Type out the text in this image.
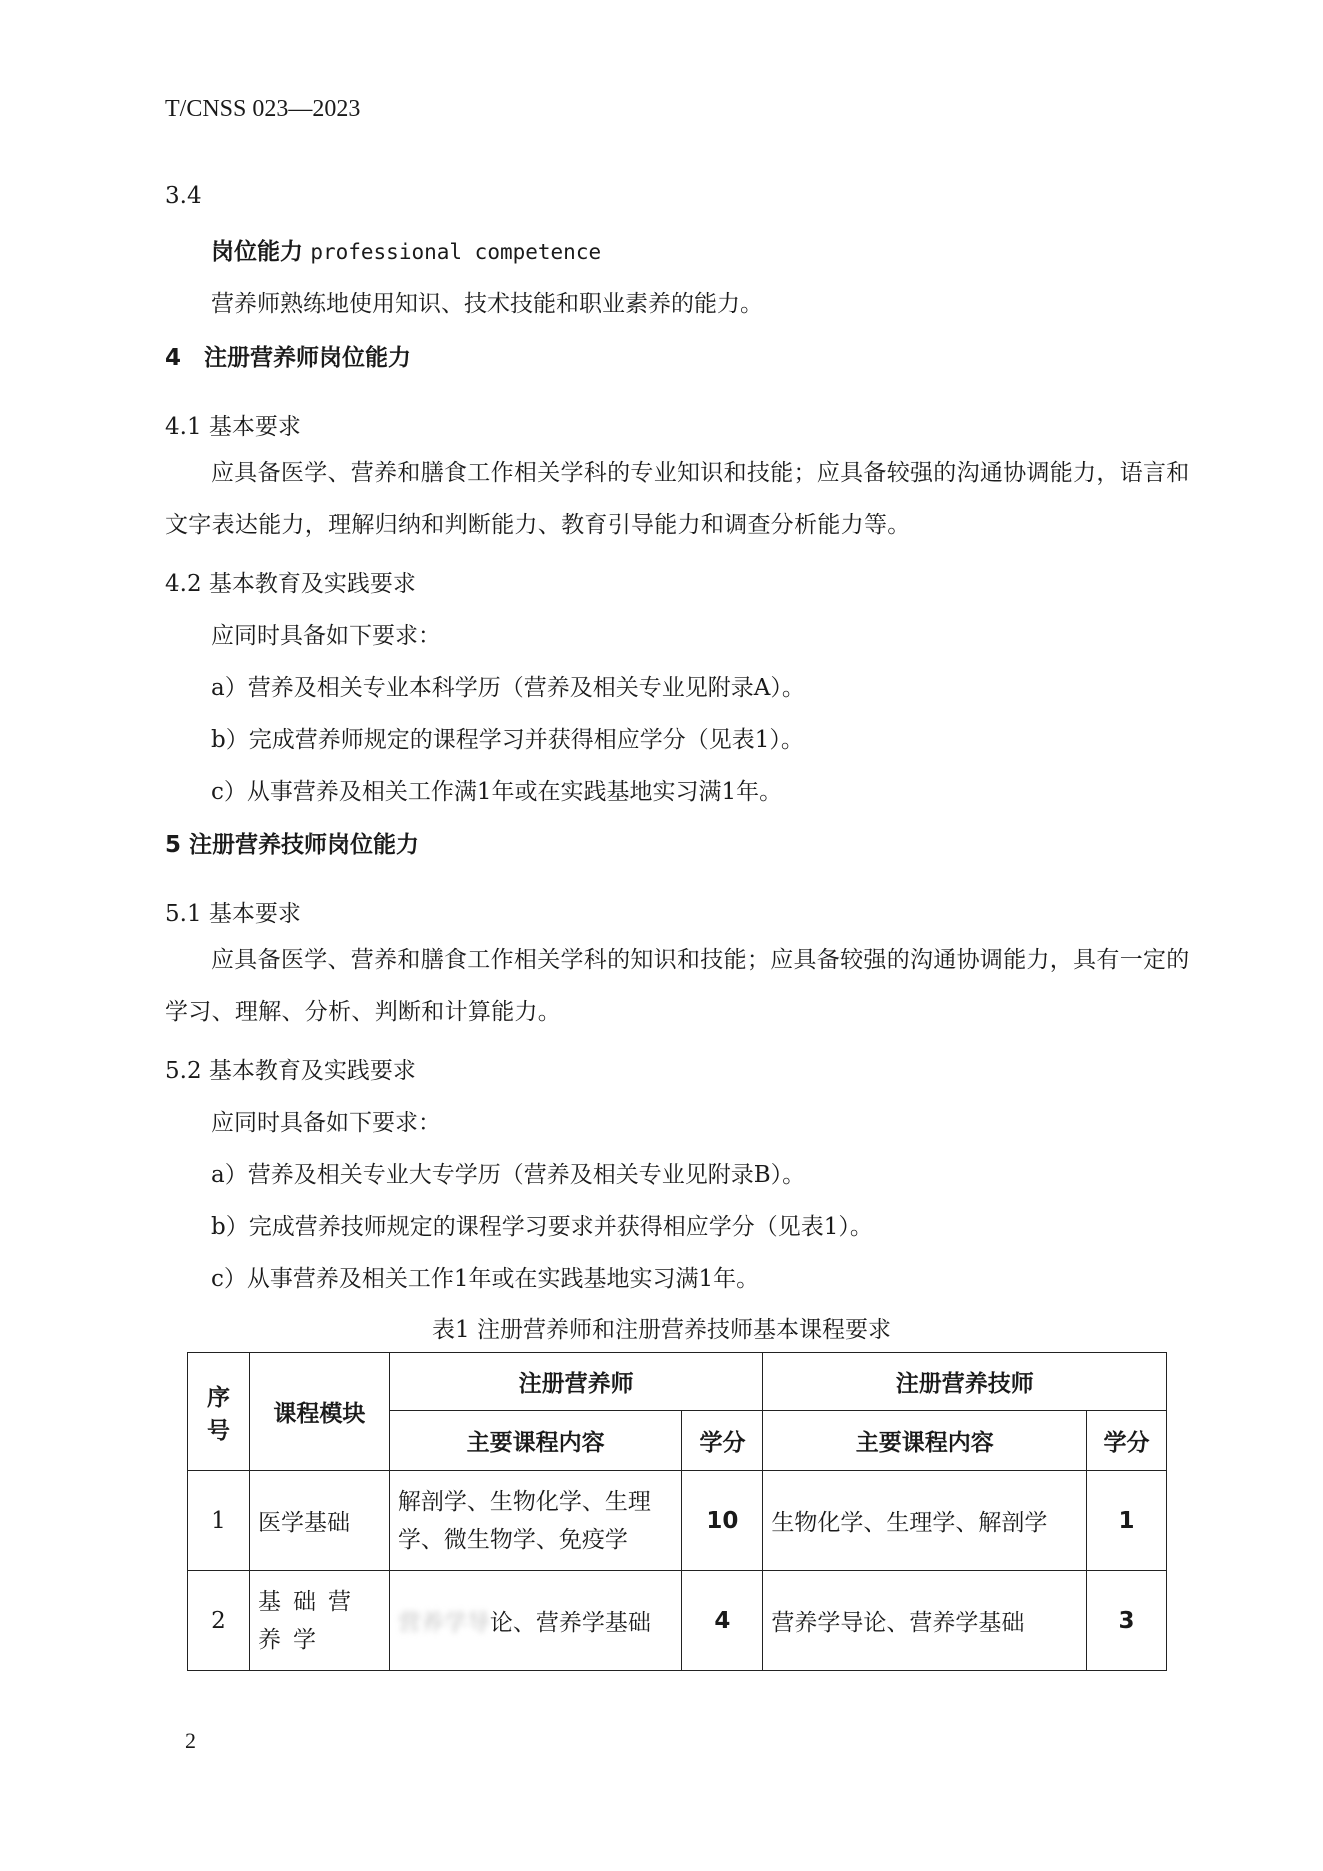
T/CNSS 023—2023
3.4
岗位能力 professional competence
营养师熟练地使用知识、技术技能和职业素养的能力。
4　注册营养师岗位能力
4.1 基本要求
应具备医学、营养和膳食工作相关学科的专业知识和技能；应具备较强的沟通协调能力，语言和文字表达能力，理解归纳和判断能力、教育引导能力和调查分析能力等。
4.2 基本教育及实践要求
应同时具备如下要求：
a）营养及相关专业本科学历（营养及相关专业见附录A）。
b）完成营养师规定的课程学习并获得相应学分（见表1）。
c）从事营养及相关工作满1年或在实践基地实习满1年。
5 注册营养技师岗位能力
5.1 基本要求
应具备医学、营养和膳食工作相关学科的知识和技能；应具备较强的沟通协调能力，具有一定的学习、理解、分析、判断和计算能力。
5.2 基本教育及实践要求
应同时具备如下要求：
a）营养及相关专业大专学历（营养及相关专业见附录B）。
b）完成营养技师规定的课程学习要求并获得相应学分（见表1）。
c）从事营养及相关工作1年或在实践基地实习满1年。
表1 注册营养师和注册营养技师基本课程要求
序号	课程模块	注册营养师		注册营养技师	
		主要课程内容	学分	主要课程内容	学分
1	医学基础	解剖学、生物化学、生理学、微生物学、免疫学	10	生物化学、生理学、解剖学	1
2	基础营养学	营养学导论、营养学基础	4	营养学导论、营养学基础	3
2
